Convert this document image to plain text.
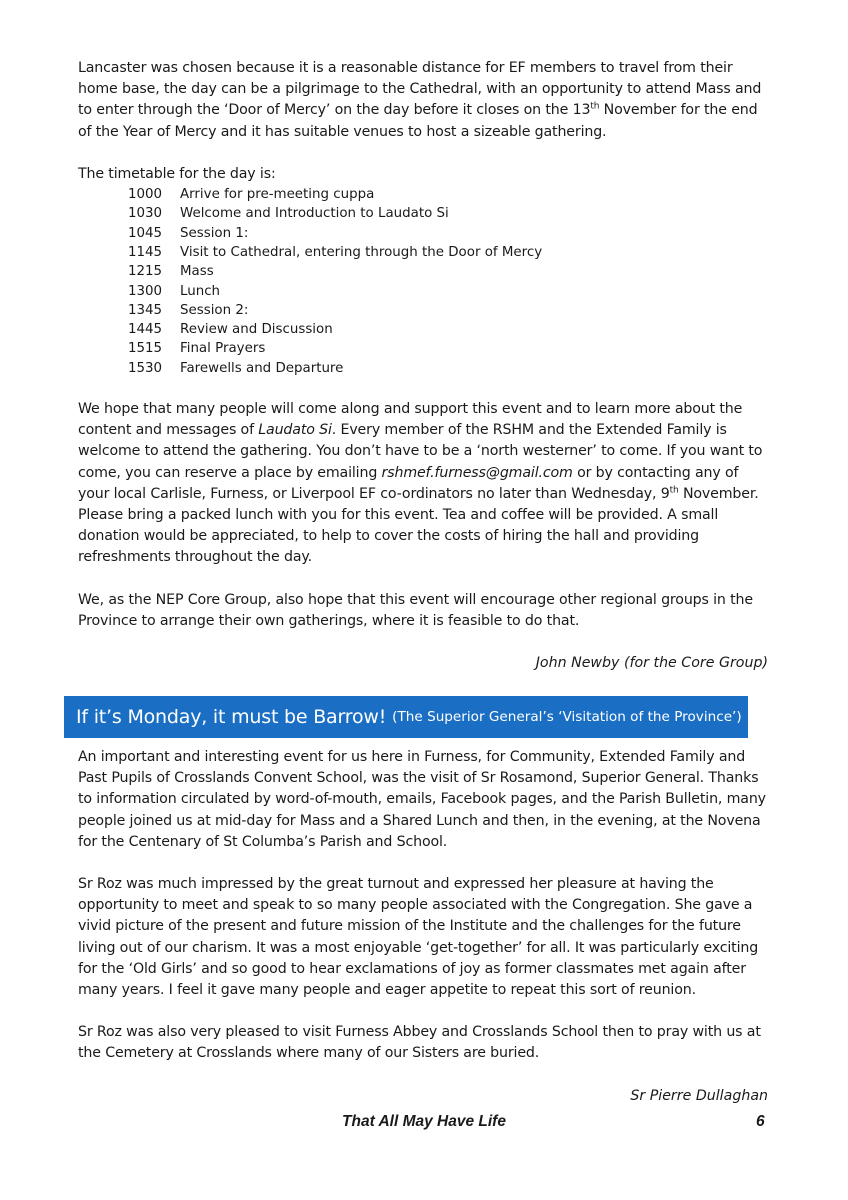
Lancaster was chosen because it is a reasonable distance for EF members to travel from their home base, the day can be a pilgrimage to the Cathedral, with an opportunity to attend Mass and to enter through the ‘Door of Mercy’ on the day before it closes on the 13th November for the end of the Year of Mercy and it has suitable venues to host a sizeable gathering.

The timetable for the day is:

1000	Arrive for pre-meeting cuppa
1030	Welcome and Introduction to Laudato Si
1045	Session 1:
1145	Visit to Cathedral, entering through the Door of Mercy
1215	Mass
1300	Lunch
1345	Session 2:
1445	Review and Discussion
1515	Final Prayers
1530	Farewells and Departure

We hope that many people will come along and support this event and to learn more about the content and messages of Laudato Si. Every member of the RSHM and the Extended Family is welcome to attend the gathering. You don’t have to be a ‘north westerner’ to come. If you want to come, you can reserve a place by emailing rshmef.furness@gmail.com or by contacting any of your local Carlisle, Furness, or Liverpool EF co-ordinators no later than Wednesday, 9th November. Please bring a packed lunch with you for this event. Tea and coffee will be provided. A small donation would be appreciated, to help to cover the costs of hiring the hall and providing refreshments throughout the day.

We, as the NEP Core Group, also hope that this event will encourage other regional groups in the Province to arrange their own gatherings, where it is feasible to do that.

John Newby (for the Core Group)
If it’s Monday, it must be Barrow! (The Superior General’s ‘Visitation of the Province’)

An important and interesting event for us here in Furness, for Community, Extended Family and Past Pupils of Crosslands Convent School, was the visit of Sr Rosamond, Superior General. Thanks to information circulated by word-of-mouth, emails, Facebook pages, and the Parish Bulletin, many people joined us at mid-day for Mass and a Shared Lunch and then, in the evening, at the Novena for the Centenary of St Columba’s Parish and School.

Sr Roz was much impressed by the great turnout and expressed her pleasure at having the opportunity to meet and speak to so many people associated with the Congregation. She gave a vivid picture of the present and future mission of the Institute and the challenges for the future living out of our charism. It was a most enjoyable ‘get-together’ for all. It was particularly exciting for the ‘Old Girls’ and so good to hear exclamations of joy as former classmates met again after many years. I feel it gave many people and eager appetite to repeat this sort of reunion.

Sr Roz was also very pleased to visit Furness Abbey and Crosslands School then to pray with us at the Cemetery at Crosslands where many of our Sisters are buried.

Sr Pierre Dullaghan
That All May Have Life	6
